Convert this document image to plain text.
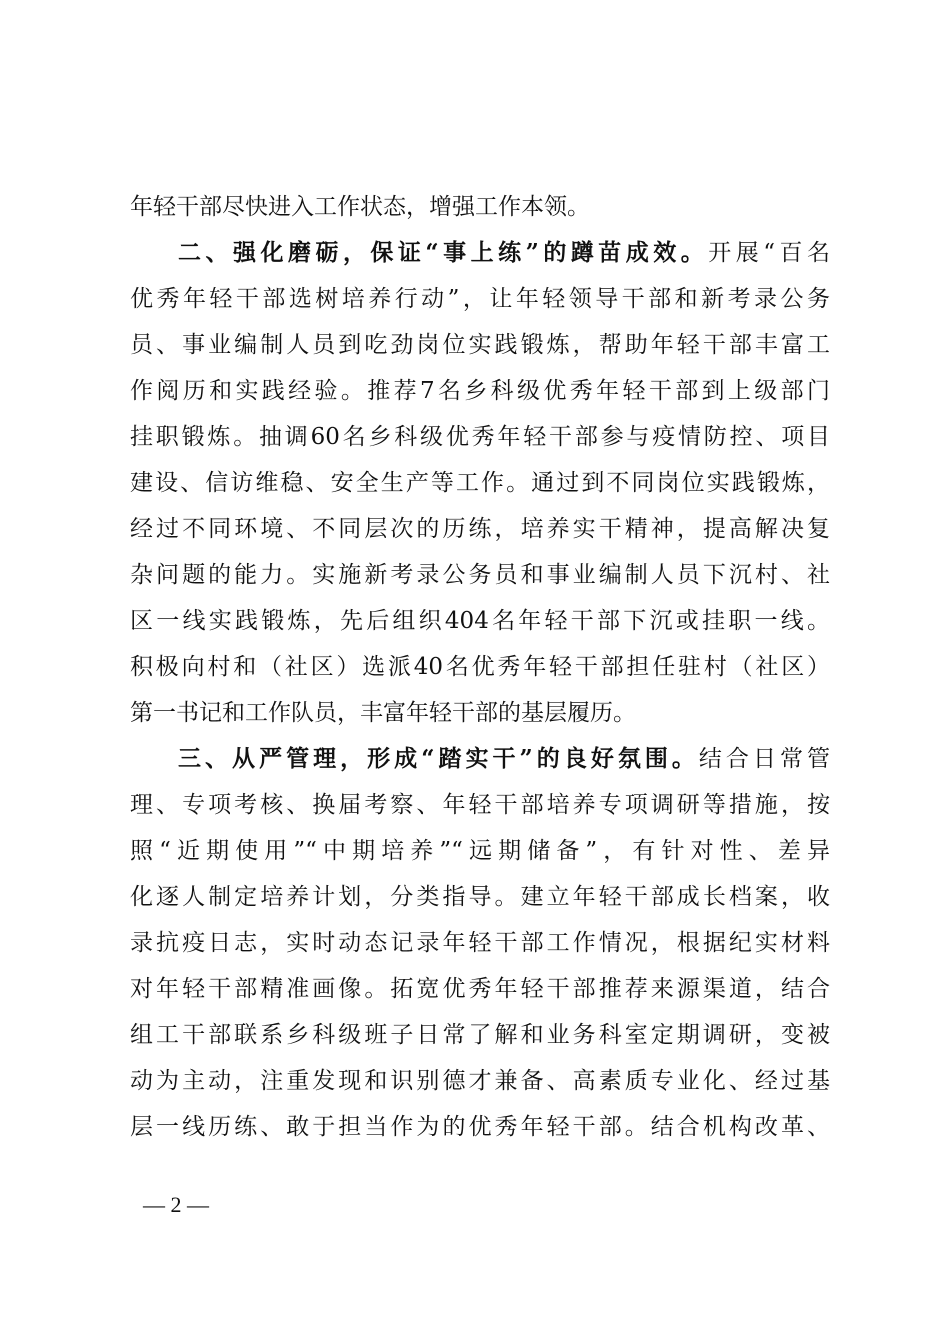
年轻干部尽快进入工作状态，增强工作本领。
二、强化磨砺，保证“事上练”的蹲苗成效。开展“百名
优秀年轻干部选树培养行动”，让年轻领导干部和新考录公务
员、事业编制人员到吃劲岗位实践锻炼，帮助年轻干部丰富工
作阅历和实践经验。推荐7名乡科级优秀年轻干部到上级部门
挂职锻炼。抽调60名乡科级优秀年轻干部参与疫情防控、项目
建设、信访维稳、安全生产等工作。通过到不同岗位实践锻炼，
经过不同环境、不同层次的历练，培养实干精神，提高解决复
杂问题的能力。实施新考录公务员和事业编制人员下沉村、社
区一线实践锻炼，先后组织404名年轻干部下沉或挂职一线。
积极向村和（社区）选派40名优秀年轻干部担任驻村（社区）
第一书记和工作队员，丰富年轻干部的基层履历。
三、从严管理，形成“踏实干”的良好氛围。结合日常管
理、专项考核、换届考察、年轻干部培养专项调研等措施，按
照“近期使用”“中期培养”“远期储备”，有针对性、差异
化逐人制定培养计划，分类指导。建立年轻干部成长档案，收
录抗疫日志，实时动态记录年轻干部工作情况，根据纪实材料
对年轻干部精准画像。拓宽优秀年轻干部推荐来源渠道，结合
组工干部联系乡科级班子日常了解和业务科室定期调研，变被
动为主动，注重发现和识别德才兼备、高素质专业化、经过基
层一线历练、敢于担当作为的优秀年轻干部。结合机构改革、
— 2 —
